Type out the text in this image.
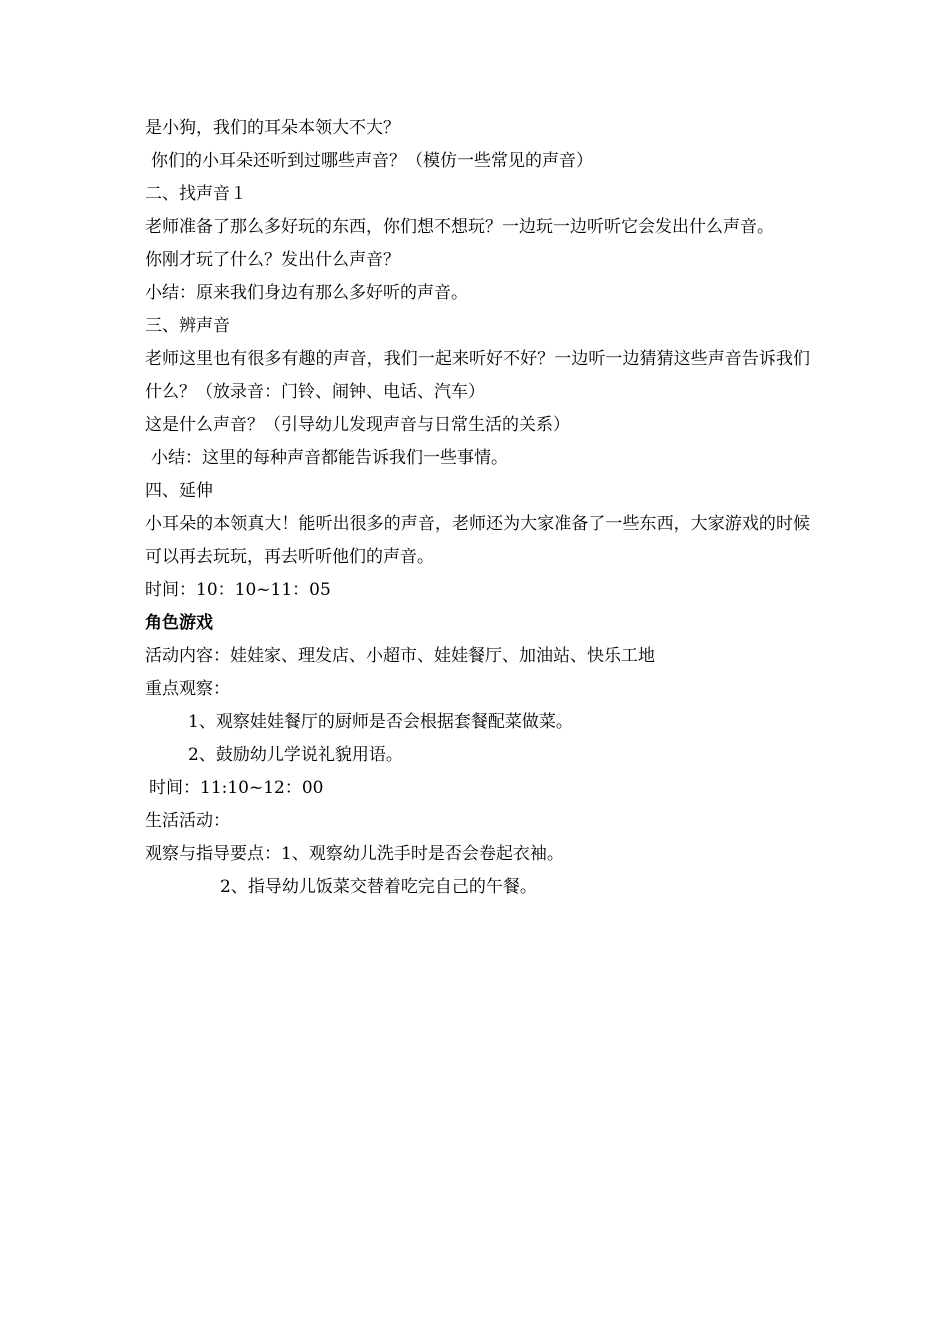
是小狗，我们的耳朵本领大不大？
你们的小耳朵还听到过哪些声音？（模仿一些常见的声音）
二、找声音１
老师准备了那么多好玩的东西，你们想不想玩？一边玩一边听听它会发出什么声音。
你刚才玩了什么？发出什么声音？
小结：原来我们身边有那么多好听的声音。
三、辨声音
老师这里也有很多有趣的声音，我们一起来听好不好？一边听一边猜猜这些声音告诉我们什么？（放录音：门铃、闹钟、电话、汽车）
这是什么声音？（引导幼儿发现声音与日常生活的关系）
小结：这里的每种声音都能告诉我们一些事情。
四、延伸
小耳朵的本领真大！能听出很多的声音，老师还为大家准备了一些东西，大家游戏的时候可以再去玩玩，再去听听他们的声音。
时间：10：10~11：05
角色游戏
活动内容：娃娃家、理发店、小超市、娃娃餐厅、加油站、快乐工地
重点观察：
1、观察娃娃餐厅的厨师是否会根据套餐配菜做菜。
2、鼓励幼儿学说礼貌用语。
时间：11:10~12：00
生活活动：
观察与指导要点：1、观察幼儿洗手时是否会卷起衣袖。
2、指导幼儿饭菜交替着吃完自己的午餐。
